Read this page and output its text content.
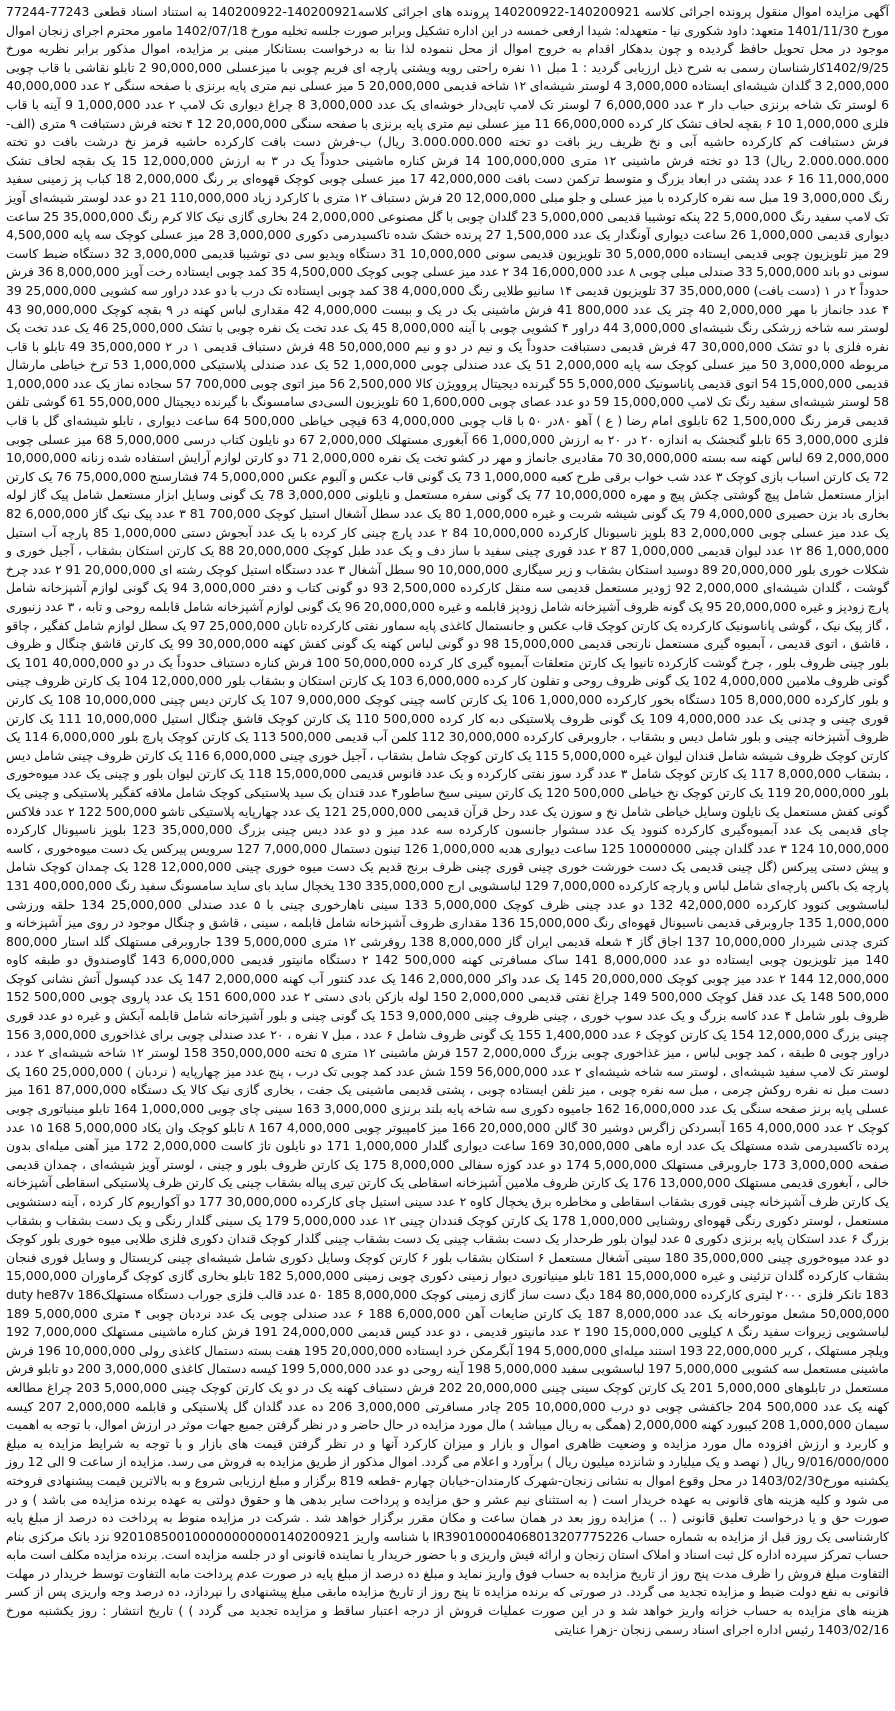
آگهی مزایده اموال منقول پرونده اجرائی کلاسه 140200921-140200922 پرونده های اجرائی کلاسه140200921-140200922 به استناد اسناد قطعی 77243-77244 مورخ 1401/11/30 متعهد: داود شکوری نیا - متعهدله: شیدا ارفعی خمسه در این اداره تشکیل وبرابر صورت جلسه تخلیه مورخ 1402/07/18 مامور محترم اجرای زنجان اموال موجود در محل تحویل حافظ گردیده و چون بدهکار اقدام به خروج اموال از محل ننموده لذا بنا به درخواست بستانکار مبنی بر مزایده، اموال مذکور برابر نظریه مورخ 1402/9/25کارشناسان رسمی به شرح ذیل ارزیابی گردید : 1 مبل ۱۱ نفره راحتی رویه ویشتی پارچه ای فریم چوبی با میزعسلی 90,000,000 2 تابلو نقاشی با قاب چوبی 2,000,000 3 گلدان شیشه‌ای ایستاده 3,000,000 4 لوستر شیشه‌ای ۱۲ شاخه قدیمی 20,000,000 5 میز عسلی نیم متری پایه برنزی با صفحه سنگی ۲ عدد 40,000,000 6 لوستر تک شاخه برنزی حباب دار ۳ عدد 6,000,000 7 لوستر تک لامپ تاپی‌دار خوشه‌ای یک عدد 3,000,000 8 چراغ دیواری تک لامپ ۲ عدد 1,000,000 9 آینه با قاب فلزی 1,000,000 10 ۶ بقچه لحاف تشک کار کرده 66,000,000 11 میز عسلی نیم متری پایه برنزی با صفحه سنگی 20,000,000 12 ۴ تخته فرش دستبافت ۹ متری (الف-فرش دستبافت کم کارکرده حاشیه آبی و نخ ظریف ریز بافت دو تخته 3.000.000.000 ریال) ب-فرش دست بافت کارکرده حاشیه قرمز نخ درشت بافت دو تخته 2.000.000.000 ریال) 13 دو تخته فرش ماشینی ۱۲ متری 100,000,000 14 فرش کناره ماشینی حدوداً یک در ۳ به ارزش 12,000,000 15 یک بقچه لحاف تشک 11,000,000 16 ۶ عدد پشتی در ابعاد بزرگ و متوسط ترکمن دست بافت 42,000,000 17 میز عسلی چوبی کوچک قهوه‌ای بر رنگ 2,000,000 18 کباب پز زمینی سفید رنگ 3,000,000 19 مبل سه نفره کارکرده با میز عسلی و جلو مبلی 12,000,000 20 فرش دستباف ۱۲ متری با کارکرد زیاد 110,000,000 21 دو عدد لوستر شیشه‌ای آویز تک لامپ سفید رنگ 5,000,000 22 پنکه توشیبا قدیمی 5,000,000 23 گلدان چوبی با گل مصنوعی 2,000,000 24 بخاری گازی نیک کالا کرم رنگ 35,000,000 25 ساعت دیواری قدیمی 1,000,000 26 ساعت دیواری آونگدار یک عدد 1,500,000 27 پرنده خشک شده تاکسیدرمی دکوری 3,000,000 28 میز عسلی کوچک سه پایه 4,500,000 29 میز تلویزیون چوبی قدیمی ایستاده 5,000,000 30 تلویزیون قدیمی سونی 10,000,000 31 دستگاه ویدیو سی دی توشیبا قدیمی 3,000,000 32 دستگاه ضبط کاست سونی دو باند 5,000,000 33 صندلی مبلی چوبی ۸ عدد 16,000,000 34 ۲ عدد میز عسلی چوبی کوچک 4,500,000 35 کمد چوبی ایستاده رخت آویز 8,000,000 36 فرش حدوداً ۲ در ۱ (دست بافت) 35,000,000 37 تلویزیون قدیمی ۱۴ سانیو طلایی رنگ 4,000,000 38 کمد چوبی ایستاده تک درب با دو عدد دراور سه کشویی 25,000,000 39 ۴ عدد جانماز با مهر 2,000,000 40 چتر یک عدد 800,000 41 فرش ماشینی یک در یک و بیست 4,000,000 42 مقداری لباس کهنه در ۹ بقچه کوچک 90,000,000 43 لوستر سه شاخه زرشکی رنگ شیشه‌ای 3,000,000 44 دراور ۴ کشویی چوبی با آینه 8,000,000 45 یک عدد تخت یک نفره چوبی با تشک 25,000,000 46 یک عدد تخت یک نفره فلزی با دو تشک 30,000,000 47 فرش قدیمی دستبافت حدوداً یک و نیم در دو و نیم 50,000,000 48 فرش دستباف قدیمی ۱ در ۲ 35,000,000 49 تابلو با قاب مربوطه 3,000,000 50 میز عسلی کوچک سه پایه 2,000,000 51 یک عدد صندلی چوبی 1,000,000 52 یک عدد صندلی پلاستیکی 1,000,000 53 ترخ خیاطی مارشال قدیمی 15,000,000 54 اتوی قدیمی پاناسونیک 5,000,000 55 گیرنده دیجیتال پروویژن کالا 2,500,000 56 میز اتوی چوبی 700,000 57 سجاده نماز یک عدد 1,000,000 58 لوستر شیشه‌ای سفید رنگ تک لامپ 15,000,000 59 دو عدد عصای چوبی 1,600,000 60 تلویزیون السی‌دی سامسونگ با گیرنده دیجیتال 55,000,000 61 گوشی تلفن قدیمی قرمز رنگ 1,500,000 62 تابلوی امام رضا ( ع ) آهو ۸۰در ۵۰ با قاب چوبی 4,000,000 63 قیچی خیاطی 500,000 64 ساعت دیواری ، تابلو شیشه‌ای گل با قاب فلزی 3,000,000 65 تابلو گنجشک به اندازه ۲۰ در ۲۰ به ارزش 1,000,000 66 آبغوری مستهلک 2,000,000 67 دو نایلون کتاب درسی 5,000,000 68 میز عسلی چوبی 2,000,000 69 لباس کهنه سه بسته 30,000,000 70 مقادیری جانماز و مهر در کشو تخت یک نفره 2,000,000 71 دو کارتن لوازم آرایش استفاده شده زنانه 10,000,000 72 یک کارتن اسباب بازی کوچک ۳ عدد شب خواب برقی طرح کعبه 1,000,000 73 یک گونی قاب عکس و آلبوم عکس 5,000,000 74 فشارسنج 75,000,000 76 یک کارتن ابزار مستعمل شامل پیچ گوشتی چکش پیچ و مهره 10,000,000 77 یک گونی سفره مستعمل و نایلونی 3,000,000 78 یک گونی وسایل ابزار مستعمل شامل پیک گاز لوله بخاری باد بزن حصیری 4,000,000 79 یک گونی شیشه شربت و غیره 1,000,000 80 یک عدد سطل آشغال استیل کوچک 700,000 81 ۳ عدد پیک نیک گاز 6,000,000 82 یک عدد میز عسلی چوبی 2,000,000 83 بلوپز ناسیونال کارکرده 10,000,000 84 ۲ عدد پارچ چینی کار کرده با یک عدد آبجوش دستی 1,000,000 85 پارچه آب استیل 1,000,000 86 ۱۲ عدد لیوان قدیمی 1,000,000 87 ۲ عدد قوری چینی سفید با ساز دف و یک عدد طبل کوچک 20,000,000 88 یک کارتن استکان بشقاب ، آجیل خوری و شکلات خوری بلور 20,000,000 89 دوسید استکان بشقاب و زیر سیگاری 10,000,000 90 سطل آشغال ۳ عدد دستگاه استیل کوچک رشته ای 20,000,000 91 ۲ عدد چرخ گوشت ، گلدان شیشه‌ای 2,000,000 92 ژودیر مستعمل قدیمی سه منقل کارکرده 2,500,000 93 دو گونی کتاب و دفتر 3,000,000 94 یک گونی لوازم آشپزخانه شامل پارچ زودپز و غیره 20,000,000 95 یک گونه ظروف آشپزخانه شامل زودپز قابلمه و غیره 20,000,000 96 یک گونی لوازم آشپزخانه شامل قابلمه روحی و تابه ، ۳ عدد زنبوری ، گاز پیک نیک ، گوشی پاناسونیک کارکرده یک کارتن کوچک قاب عکس و جانستمال کاغذی پایه سماور نفتی کارکرده تابان 25,000,000 97 یک سطل لوازم شامل کفگیر ، چاقو ، قاشق ، اتوی قدیمی ، آبمیوه گیری مستعمل نارنجی قدیمی 15,000,000 98 دو گونی لباس کهنه یک گونی کفش کهنه 30,000,000 99 یک کارتن قاشق چنگال و ظروف بلور چینی ظروف بلور ، چرخ گوشت کارکرده تانیوا یک کارتن متعلقات آبمیوه گیری کار کرده 50,000,000 100 فرش کناره دستباف حدوداً یک در دو 40,000,000 101 یک گونی ظروف ملامین 4,000,000 102 یک گونی ظروف روحی و تفلون کار کرده 6,000,000 103 یک کارتن استکان و بشقاب بلور 12,000,000 104 یک کارتن ظروف چینی و بلور کارکرده 8,000,000 105 دستگاه بخور کارکرده 1,000,000 106 یک کارتن کاسه چینی کوچک 9,000,000 107 یک کارتن دیس چینی 10,000,000 108 یک کارتن قوری چینی و چدنی یک عدد 4,000,000 109 یک گونی ظروف پلاستیکی دبه کار کرده 500,000 110 یک کارتن کوچک قاشق چنگال استیل 10,000,000 111 یک کارتن ظروف آشپزخانه چینی و بلور شامل دیس و بشقاب ، جاروبرقی کارکرده 30,000,000 112 کلمن آب قدیمی 500,000 113 یک کارتن کوچک پارچ بلور 6,000,000 114 یک کارتن کوچک ظروف شیشه شامل قندان لیوان غیره 5,000,000 115 یک کارتن کوچک شامل بشقاب ، آجیل خوری چینی 6,000,000 116 یک کارتن ظروف چینی شامل دیس ، بشقاب 8,000,000 117 یک کارتن کوچک شامل ۳ عدد گرد سوز نفتی کارکرده و یک عدد فانوس قدیمی 15,000,000 118 یک کارتن لیوان بلور و چینی یک عدد میوه‌خوری بلور 20,000,000 119 یک کارتن کوچک نخ خیاطی 500,000 120 یک کارتن سینی سیخ ساطور۴ عدد قندان بک سید پلاستیکی کوچک شامل ملاقه کفگیر پلاستیکی و چینی یک گونی کفش مستعمل یک نایلون وسایل خیاطی شامل نخ و سوزن یک عدد رحل قرآن قدیمی 25,000,000 121 یک عدد چهارپایه پلاستیکی تاشو 500,000 122 ۲ عدد فلاکس چای قدیمی یک عدد آبمیوه‌گیری کارکرده کنوود یک عدد سشوار جانسون کارکرده سه عدد میز و دو عدد دیس چینی بزرگ 35,000,000 123 بلوپز ناسیونال کارکرده 10,000,000 124 ۳ عدد گلدان چینی 10000000 125 ساعت دیواری هدیه 1,000,000 126 تینون دستمال 7,000,000 127 سرویس پیرکس یک دست میوه‌خوری ، کاسه و پیش دستی پیرکس (گل چینی قدیمی یک دست خورشت خوری چینی قوری چینی ظرف برنج قدیم یک دست میوه خوری چینی 12,000,000 128 یک چمدان کوچک شامل پارچه یک باکس پارچه‌ای شامل لباس و پارچه کارکرده 7,000,000 129 لباسشویی ارج 335,000,000 130 یخچال ساید بای ساید سامسونگ سفید رنگ 400,000,000 131 لباسشویی کنوود کارکرده 42,000,000 132 دو عدد چینی ظرف کوچک 5,000,000 133 سینی ناهارخوری چینی با ۵ عدد صندلی 25,000,000 134 حلقه ورزشی 1,000,000 135 جاروبرقی قدیمی ناسیونال قهوه‌ای رنگ 15,000,000 136 مقداری ظروف آشپزخانه شامل قابلمه ، سینی ، قاشق و چنگال موجود در روی میز آشپزخانه و کتری چدنی شیردار 10,000,000 137 اجاق گاز ۴ شعله قدیمی ایران گاز 8,000,000 138 روفرشی ۱۲ متری 5,000,000 139 جاروبرقی مستهلک گلد استار 800,000 140 میز تلویزیون چوبی ایستاده دو عدد 8,000,000 141 ساک مسافرتی کهنه 500,000 142 ۲ دستگاه مانیتور قدیمی 6,000,000 143 گاوصندوق دو طبقه کاوه 12,000,000 144 ۲ عدد میز چوبی کوچک 20,000,000 145 یک عدد واکر 2,000,000 146 یک عدد کنتور آب کهنه 2,000,000 147 یک عدد کپسول آتش نشانی کوچک 500,000 148 یک عدد قفل کوچک 500,000 149 چراغ نفتی قدیمی 2,000,000 150 لوله بازکن بادی دستی ۲ عدد 600,000 151 یک عدد پاروی چوبی 500,000 152 ظروف بلور شامل ۴ عدد کاسه بزرگ و یک عدد سوپ خوری ، چینی ظروف چینی 9,000,000 153 یک گونی چینی و بلور آشپزخانه شامل قابلمه آبکش و غیره دو عدد قوری چینی بزرگ 12,000,000 154 یک کارتن کوچک ۶ عدد 1,400,000 155 یک گونی ظروف شامل ۶ عدد ، مبل ۷ نفره ، ۲۰ عدد صندلی چوبی برای غذاخوری 3,000,000 156 دراور چوبی ۵ طبقه ، کمد چوبی لباس ، میز غذاخوری چوبی بزرگ 2,000,000 157 فرش ماشینی ۱۲ متری ۵ تخته 350,000,000 158 لوستر ۱۲ شاخه شیشه‌ای ۲ عدد ، لوستر تک لامپ سفید شیشه‌ای ، لوستر سه شاخه شیشه‌ای ۲ عدد 56,000,000 159 شش عدد کمد چوبی تک درب ، پنج عدد میز چهارپایه ( نردبان ) 25,000,000 160 یک دست مبل نه نفره روکش چرمی ، مبل سه نفره چوبی ، میز تلفن ایستاده چوبی ، پشتی قدیمی ماشینی یک جفت ، بخاری گازی نیک کالا یک دستگاه 87,000,000 161 میز عسلی پایه برنز صفحه سنگی یک عدد 16,000,000 162 جامیوه دکوری سه شاخه پایه بلند برنزی 3,000,000 163 سینی چای چوبی 1,000,000 164 تابلو مینیاتوری چوبی کوچک ۲ عدد 4,000,000 165 آبسردکن زاگرس دوشیر 30 گالن 20,000,000 166 میز کامپیوتر چوبی 4,000,000 167 ۸ تابلو کوچک وان یکاد 5,000,000 168 ۱۵ عدد پرده تاکسیدرمی شده مستهلک یک عدد اره ماهی 30,000,000 169 ساعت دیواری گلدار 1,000,000 171 دو نایلون تاژ کاست 2,000,000 172 میز آهنی میله‌ای بدون صفحه 3,000,000 173 جاروبرقی مستهلک 5,000,000 174 دو عدد کوزه سفالی 8,000,000 175 یک کارتن ظروف بلور و چینی ، لوستر آویز شیشه‌ای ، چمدان قدیمی خالی ، آبغوری قدیمی مستهلک 13,000,000 176 یک کارتن ظروف ملامین آشپزخانه اسقاطی یک کارتن تیری پیاله بشقاب چینی یک کارتن ظرف پلاستیکی اسقاطی آشپزخانه یک کارتن ظرف آشپزخانه چینی قوری بشقاب اسقاطی و مخاطره برق یخچال کاوه ۲ عدد سینی استیل چای کارکرده 30,000,000 177 دو آکواریوم کار کرده ، آینه دستشویی مستعمل ، لوستر دکوری رنگی قهوه‌ای روشنایی 1,000,000 178 یک کارتن کوچک قنددان چینی ۱۲ عدد 5,000,000 179 یک سینی گلدار رنگی و یک دست بشقاب و بشقاب بزرگ ۶ عدد استکان پایه برنزی دکوری ۵ عدد لیوان بلور طرحدار یک دست بشقاب چینی یک دست بشقاب چینی گلدار کوچک قندان دکوری فلزی طلایی میوه خوری بلور کوچک دو عدد میوه‌خوری چینی 35,000,000 180 سینی آشغال مستعمل ۶ استکان بشقاب بلور ۶ کارتن کوچک وسایل دکوری شامل شیشه‌ای چینی کریستال و وسایل فوری فنجان بشقاب کارکرده گلدان تزئینی و غیره 15,000,000 181 تابلو مینیاتوری دیوار زمینی دکوری چوبی زمینی 5,000,000 182 تابلو بخاری گازی کوچک گرماوران 15,000,000 183 تانکر فلزی ۲۰۰۰ لیتری کارکرده 80,000,000 184 دیگ دست ساز گازی زمینی کوچک 8,000,000 185 ۵۰ عدد قالب فلزی جوراب دستگاه مستهلک186 duty he87v 50,000,000 مشعل موتورخانه یک عدد 8,000,000 187 یک کارتن ضایعات آهن 6,000,000 188 ۶ عدد صندلی چوبی یک عدد نردبان چوبی ۴ متری 5,000,000 189 لباسشویی زیروات سفید رنگ ۸ کیلویی 15,000,000 190 ۲ عدد مانیتور قدیمی ، دو عدد کیس قدیمی 24,000,000 191 فرش کناره ماشینی مستهلک 7,000,000 192 ویلچر مستهلک ، کریر 22,000,000 193 استند میله‌ای 5,000,000 194 آبگرمکن خرد ایستاده 20,000,000 195 هفت بسته دستمال کاغذی رولی 10,000,000 196 فرش ماشینی مستعمل سه کشویی 5,000,000 197 لباسشویی سفید 5,000,000 198 آینه روحی دو عدد 5,000,000 199 کیسه دستمال کاغذی 3,000,000 200 دو تابلو فرش مستعمل در تابلوهای 5,000,000 201 یک کارتن کوچک سینی چینی 20,000,000 202 فرش دستباف کهنه یک در دو یک کارتن کوچک چینی 5,000,000 203 چراغ مطالعه کهنه یک عدد 500,000 204 جاکفشی چوبی دو درب 10,000,000 205 چادر مسافرتی 3,000,000 206 ده عدد گلدان گل پلاستیکی و قابلمه 2,000,000 207 کیسه سیمان 1,000,000 208 کیبورد کهنه 2,000,000 (همگی به ریال میباشد ) مال مورد مزایده در حال حاضر و در نظر گرفتن جمیع جهات موثر در ارزش اموال، با توجه به اهمیت و کاربرد و ارزش افزوده مال مورد مزایده و وضعیت ظاهری اموال و بازار و میزان کارکرد آنها و در نظر گرفتن قیمت های بازار و با توجه به شرایط مزایده به مبلغ 9/016/000/000 ریال ( نهصد و یک میلیارد و شانزده میلیون ریال ) برآورد و اعلام می گردد. اموال مذکور از طریق مزایده به فروش می رسد. مزایده از ساعت 9 الی 12 روز یکشنبه مورخ1403/02/30 در محل وقوع اموال به نشانی زنجان-شهرک کارمندان-خیابان چهارم -قطعه 819 برگزار و مبلغ ارزیابی شروع و به بالاترین قیمت پیشنهادی فروخته می شود و کلیه هزینه های قانونی به عهده خریدار است ( به استثنای نیم عشر و حق مزایده و پرداخت سایر بدهی ها و حقوق دولتی به عهده برنده مزایده می باشد ) و در صورت حق و یا درخواست تعلیق قانونی ( .. ) مزایده روز بعد در همان ساعت و مکان مقرر برگزار خواهد شد . شرکت در مزایده منوط به پرداخت ده درصد از مبلغ پایه کارشناسی یک روز قبل از مزایده به شماره حساب IR390100004068013207775226 با شناسه واریز 920108500100000000000140200921 نزد بانک مرکزی بنام حساب تمرکز سپرده اداره کل ثبت اسناد و املاک استان زنجان و ارائه فیش واریزی و با حضور خریدار یا نماینده قانونی او در جلسه مزایده است. برنده مزایده مکلف است مابه التفاوت مبلغ فروش را ظرف مدت پنج روز از تاریخ مزایده به حساب فوق واریز نماید و مبلغ ده درصد از مبلغ پایه در صورت عدم پرداخت مابه التفاوت توسط خریدار در مهلت قانونی به نفع دولت ضبط و مزایده تجدید می گردد. در صورتی که برنده مزایده تا پنج روز از تاریخ مزایده مابقی مبلغ پیشنهادی را نپردازد، ده درصد وجه واریزی پس از کسر هزینه های مزایده به حساب خزانه واریز خواهد شد و در این صورت عملیات فروش از درجه اعتبار ساقط و مزایده تجدید می گردد ) ) تاریخ انتشار : روز یکشنبه مورخ 1403/02/16 رئیس اداره اجرای اسناد رسمی زنجان -زهرا عنایتی
